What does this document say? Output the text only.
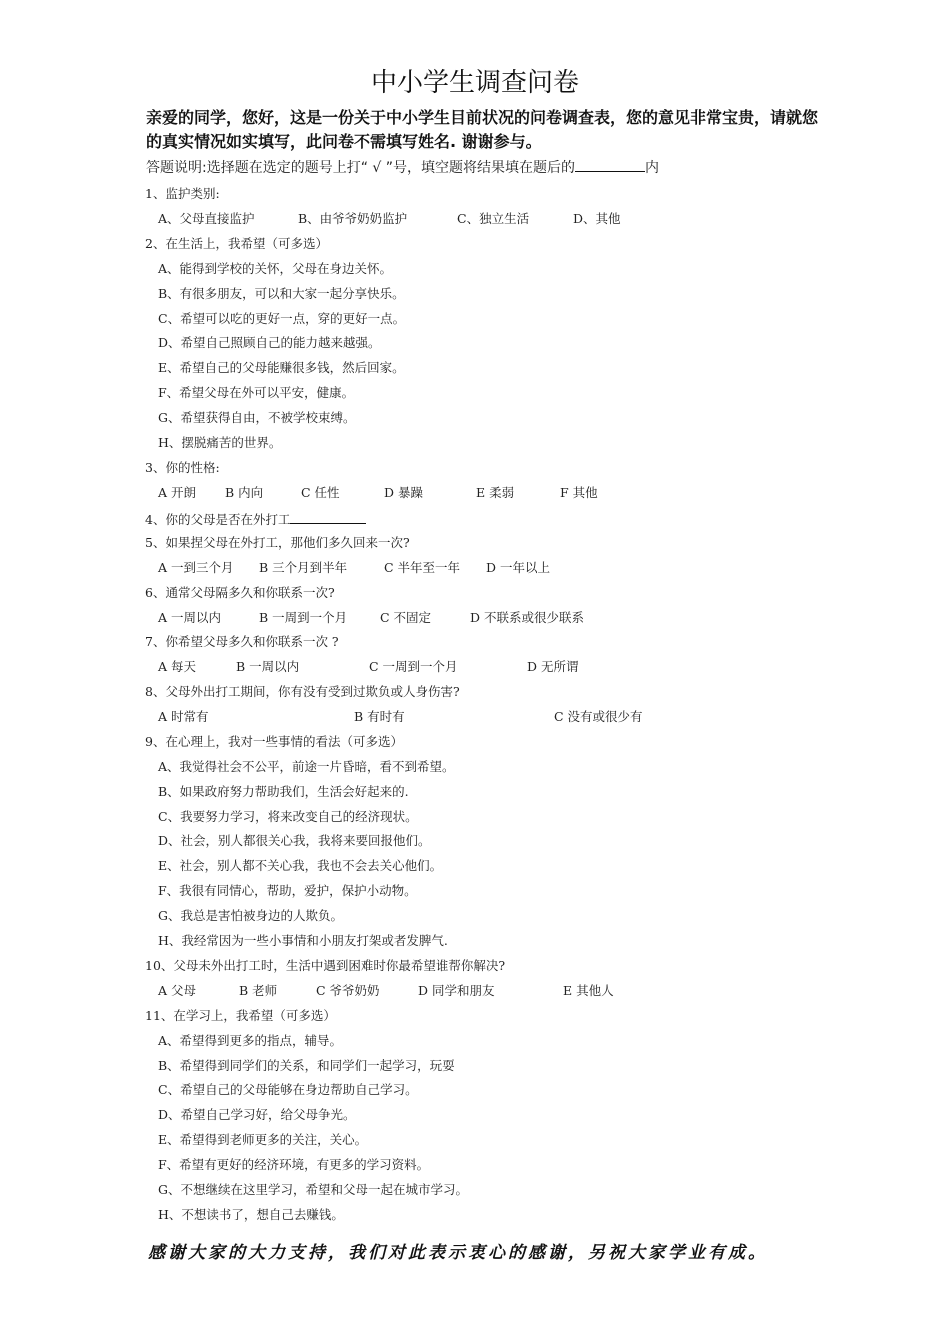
中小学生调查问卷
亲爱的同学，您好，这是一份关于中小学生目前状况的问卷调查表，您的意见非常宝贵，请就您的真实情况如实填写，此问卷不需填写姓名. 谢谢参与。
答题说明:选择题在选定的题号上打“ √ ”号，填空题将结果填在题后的	内
1、监护类别:
A、父母直接监护	B、由爷爷奶奶监护	C、独立生活	D、其他
2、在生活上，我希望（可多选）
A、能得到学校的关怀，父母在身边关怀。
B、有很多朋友，可以和大家一起分享快乐。
C、希望可以吃的更好一点，穿的更好一点。
D、希望自己照顾自己的能力越来越强。
E、希望自己的父母能赚很多钱，然后回家。
F、希望父母在外可以平安，健康。
G、希望获得自由，不被学校束缚。
H、摆脱痛苦的世界。
3、你的性格:
A 开朗 B 内向	C 任性	D 暴躁	E 柔弱	F 其他
4、你的父母是否在外打工
5、如果捏父母在外打工，那他们多久回来一次?
A 一到三个月 B 三个月到半年	C 半年至一年 D 一年以上
6、通常父母隔多久和你联系一次?
A 一周以内	B 一周到一个月	C 不固定	D 不联系或很少联系
7、你希望父母多久和你联系一次 ?
A 每天	B 一周以内	C 一周到一个月	D 无所谓
8、父母外出打工期间，你有没有受到过欺负或人身伤害?
A 时常有	B 有时有	C 没有或很少有
9、在心理上，我对一些事情的看法（可多选）
A、我觉得社会不公平，前途一片昏暗，看不到希望。
B、如果政府努力帮助我们，生活会好起来的.
C、我要努力学习，将来改变自己的经济现状。
D、社会，别人都很关心我，我将来要回报他们。
E、社会，别人都不关心我，我也不会去关心他们。
F、我很有同情心，帮助，爱护，保护小动物。
G、我总是害怕被身边的人欺负。
H、我经常因为一些小事情和小朋友打架或者发脾气.
10、父母未外出打工时，生活中遇到困难时你最希望谁帮你解决?
A 父母	B 老师	C 爷爷奶奶	D 同学和朋友	E 其他人
11、在学习上，我希望（可多选）
A、希望得到更多的指点，辅导。
B、希望得到同学们的关系，和同学们一起学习，玩耍
C、希望自己的父母能够在身边帮助自己学习。
D、希望自己学习好，给父母争光。
E、希望得到老师更多的关注，关心。
F、希望有更好的经济环境，有更多的学习资料。
G、不想继续在这里学习，希望和父母一起在城市学习。
H、不想读书了，想自己去赚钱。
感谢大家的大力支持，我们对此表示衷心的感谢，另祝大家学业有成。
